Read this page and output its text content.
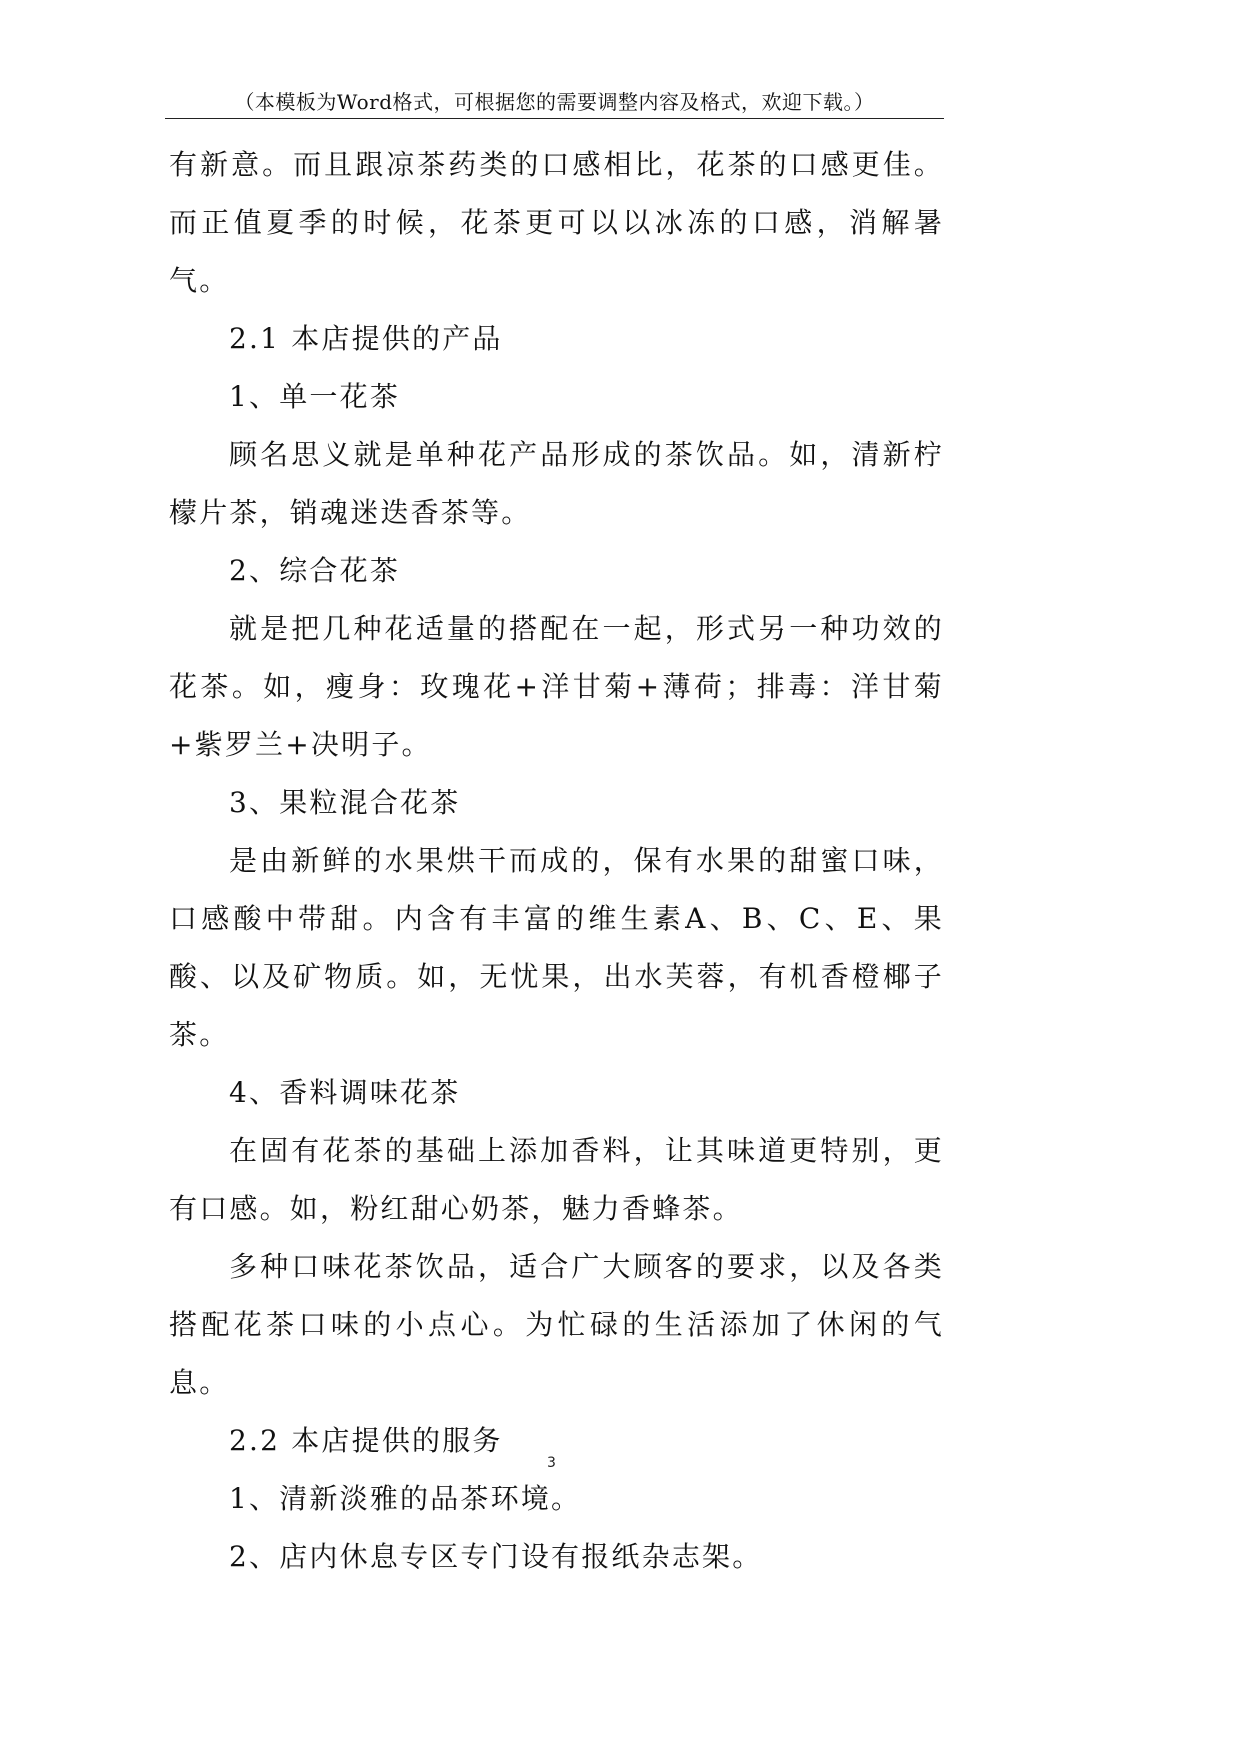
（本模板为Word格式，可根据您的需要调整内容及格式，欢迎下载。）

有新意。而且跟凉茶药类的口感相比，花茶的口感更佳。而正值夏季的时候，花茶更可以以冰冻的口感，消解暑气。

2.1 本店提供的产品

1、单一花茶

顾名思义就是单种花产品形成的茶饮品。如，清新柠檬片茶，销魂迷迭香茶等。

2、综合花茶

就是把几种花适量的搭配在一起，形式另一种功效的花茶。如，瘦身：玫瑰花+洋甘菊+薄荷；排毒：洋甘菊+紫罗兰+决明子。

3、果粒混合花茶

是由新鲜的水果烘干而成的，保有水果的甜蜜口味，口感酸中带甜。内含有丰富的维生素A、B、C、E、果酸、以及矿物质。如，无忧果，出水芙蓉，有机香橙椰子茶。

4、香料调味花茶

在固有花茶的基础上添加香料，让其味道更特别，更有口感。如，粉红甜心奶茶，魅力香蜂茶。

多种口味花茶饮品，适合广大顾客的要求，以及各类搭配花茶口味的小点心。为忙碌的生活添加了休闲的气息。

2.2 本店提供的服务

1、清新淡雅的品茶环境。

2、店内休息专区专门设有报纸杂志架。

3
